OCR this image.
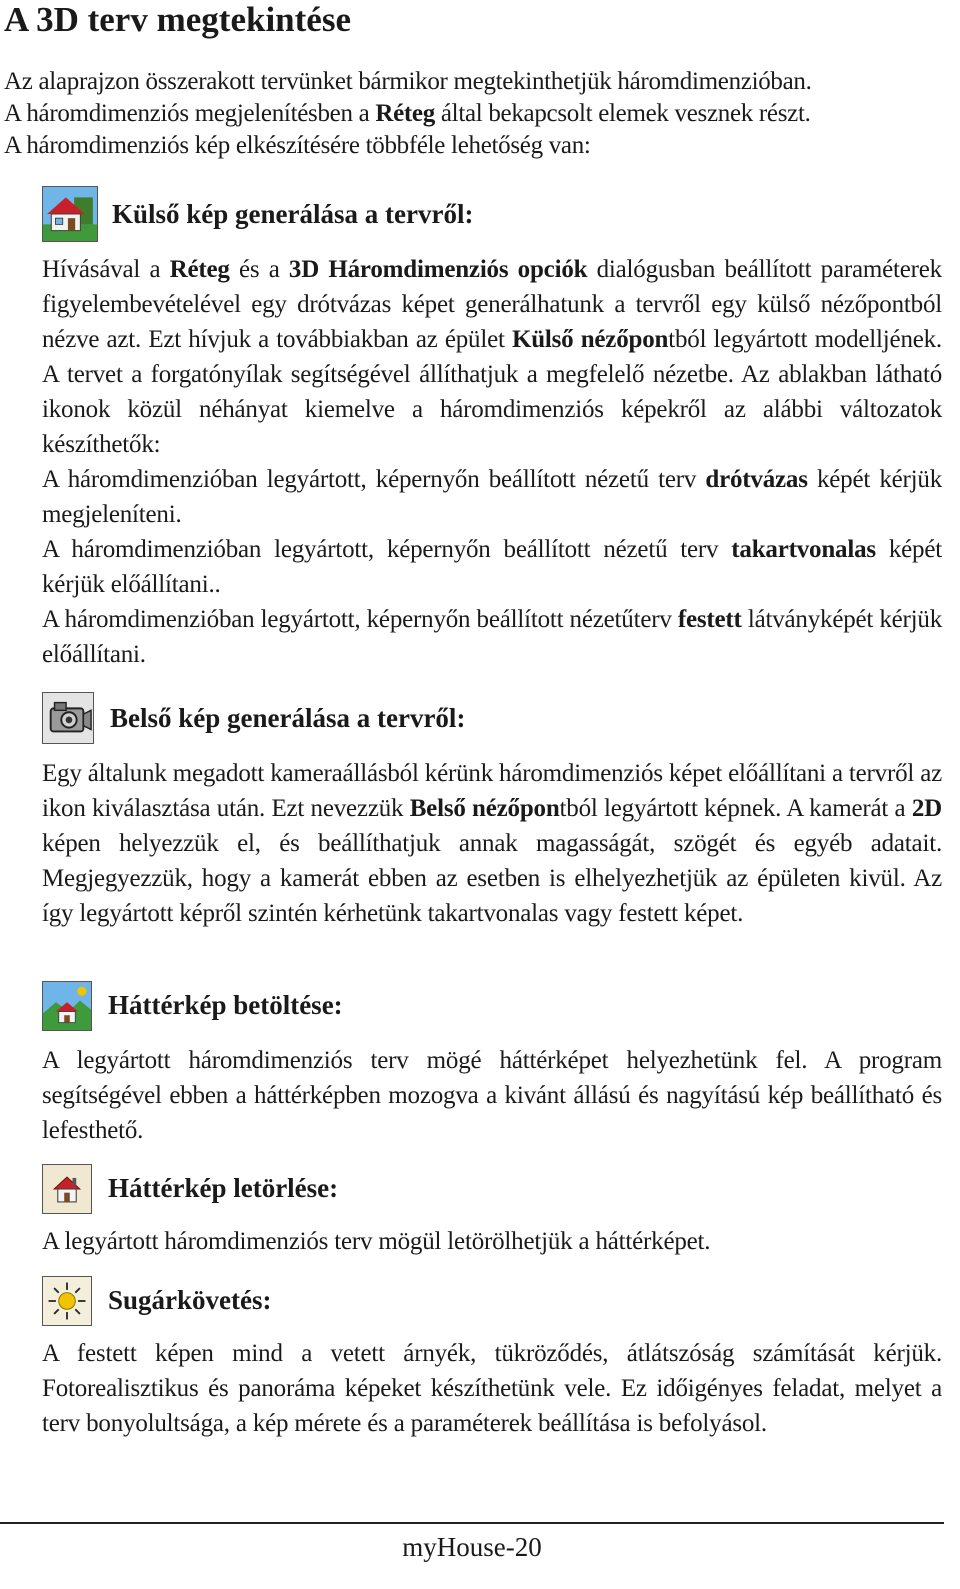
A 3D terv megtekintése
Az alaprajzon összerakott tervünket bármikor megtekinthetjük háromdimenzióban.
A háromdimenziós megjelenítésben a Réteg által bekapcsolt elemek vesznek részt.
A háromdimenziós kép elkészítésére többféle lehetőség van:
Külső kép generálása a tervről:

Hívásával a Réteg és a 3D Háromdimenziós opciók dialógusban beállított paraméterek figyelembevételével egy drótvázas képet generálhatunk a tervről egy külső nézőpontból nézve azt. Ezt hívjuk a továbbiakban az épület Külső nézőpontból legyártott modelljének. A tervet a forgatónyílak segítségével állíthatjuk a megfelelő nézetbe. Az ablakban látható ikonok közül néhányat kiemelve a háromdimenziós képekről az alábbi változatok készíthetők:

A háromdimenzióban legyártott, képernyőn beállított nézetű terv drótvázas képét kérjük megjeleníteni.

A háromdimenzióban legyártott, képernyőn beállított nézetű terv takartvonalas képét kérjük előállítani..

A háromdimenzióban legyártott, képernyőn beállított nézetűterv festett látványképét kérjük előállítani.

Belső kép generálása a tervről:

Egy általunk megadott kameraállásból kérünk háromdimenziós képet előállítani a tervről az ikon kiválasztása után. Ezt nevezzük Belső nézőpontból legyártott képnek. A kamerát a 2D képen helyezzük el, és beállíthatjuk annak magasságát, szögét és egyéb adatait. Megjegyezzük, hogy a kamerát ebben az esetben is elhelyezhetjük az épületen kivül. Az így legyártott képről szintén kérhetünk takartvonalas vagy festett képet.

Háttérkép betöltése:

A legyártott háromdimenziós terv mögé háttérképet helyezhetünk fel. A program segítségével ebben a háttérképben mozogva a kivánt állású és nagyítású kép beállítható és lefesthető.

Háttérkép letörlése:

A legyártott háromdimenziós terv mögül letörölhetjük a háttérképet.

Sugárkövetés:

A festett képen mind a vetett árnyék, tükröződés, átlátszóság számítását kérjük. Fotorealisztikus és panoráma képeket készíthetünk vele. Ez időigényes feladat, melyet a terv bonyolultsága, a kép mérete és a paraméterek beállítása is befolyásol.

myHouse-20
